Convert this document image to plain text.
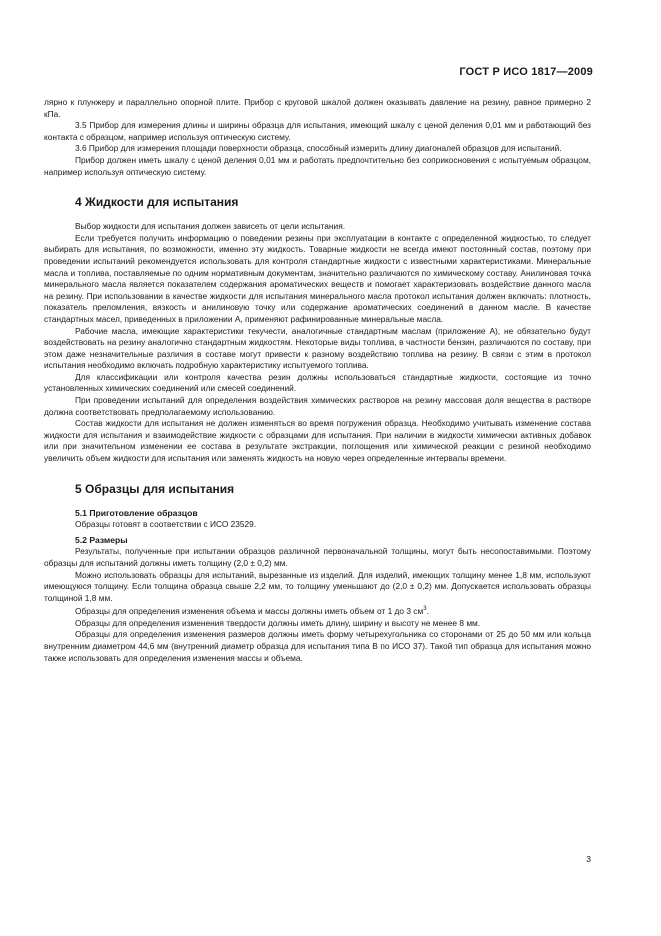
ГОСТ Р ИСО 1817—2009

лярно к плунжеру и параллельно опорной плите. Прибор с круговой шкалой должен оказывать давление на резину, равное примерно 2 кПа.

3.5 Прибор для измерения длины и ширины образца для испытания, имеющий шкалу с ценой деления 0,01 мм и работающий без контакта с образцом, например используя оптическую систему.

3.6 Прибор для измерения площади поверхности образца, способный измерить длину диагоналей образцов для испытаний.

Прибор должен иметь шкалу с ценой деления 0,01 мм и работать предпочтительно без соприкосновения с испытуемым образцом, например используя оптическую систему.

4 Жидкости для испытания

Выбор жидкости для испытания должен зависеть от цели испытания.

Если требуется получить информацию о поведении резины при эксплуатации в контакте с определенной жидкостью, то следует выбирать для испытания, по возможности, именно эту жидкость. Товарные жидкости не всегда имеют постоянный состав, поэтому при проведении испытаний рекомендуется использовать для контроля стандартные жидкости с известными характеристиками. Минеральные масла и топлива, поставляемые по одним нормативным документам, значительно различаются по химическому составу. Анилиновая точка минерального масла является показателем содержания ароматических веществ и помогает характеризовать воздействие данного масла на резину. При использовании в качестве жидкости для испытания минерального масла протокол испытания должен включать: плотность, показатель преломления, вязкость и анилиновую точку или содержание ароматических соединений в данном масле. В качестве стандартных масел, приведенных в приложении А, применяют рафинированные минеральные масла.

Рабочие масла, имеющие характеристики текучести, аналогичные стандартным маслам (приложение А), не обязательно будут воздействовать на резину аналогично стандартным жидкостям. Некоторые виды топлива, в частности бензин, различаются по составу, при этом даже незначительные различия в составе могут привести к разному воздействию топлива на резину. В связи с этим в протокол испытания необходимо включать подробную характеристику испытуемого топлива.

Для классификации или контроля качества резин должны использоваться стандартные жидкости, состоящие из точно установленных химических соединений или смесей соединений.

При проведении испытаний для определения воздействия химических растворов на резину массовая доля вещества в растворе должна соответствовать предполагаемому использованию.

Состав жидкости для испытания не должен изменяться во время погружения образца. Необходимо учитывать изменение состава жидкости для испытания и взаимодействие жидкости с образцами для испытания. При наличии в жидкости химически активных добавок или при значительном изменении ее состава в результате экстракции, поглощения или химической реакции с резиной необходимо увеличить объем жидкости для испытания или заменять жидкость на новую через определенные интервалы времени.

5 Образцы для испытания
5.1 Приготовление образцов

Образцы готовят в соответствии с ИСО 23529.

5.2 Размеры

Результаты, полученные при испытании образцов различной первоначальной толщины, могут быть несопоставимыми. Поэтому образцы для испытаний должны иметь толщину (2,0 ± 0,2) мм.

Можно использовать образцы для испытаний, вырезанные из изделий. Для изделий, имеющих толщину менее 1,8 мм, используют имеющуюся толщину. Если толщина образца свыше 2,2 мм, то толщину уменьшают до (2,0 ± 0,2) мм. Допускается использовать образцы толщиной 1,8 мм.

Образцы для определения изменения объема и массы должны иметь объем от 1 до 3 $см^3$.

Образцы для определения изменения твердости должны иметь длину, ширину и высоту не менее 8 мм.

Образцы для определения изменения размеров должны иметь форму четырехугольника со сторонами от 25 до 50 мм или кольца внутренним диаметром 44,6 мм (внутренний диаметр образца для испытания типа В по ИСО 37). Такой тип образца для испытания можно также использовать для определения изменения массы и объема.

3
